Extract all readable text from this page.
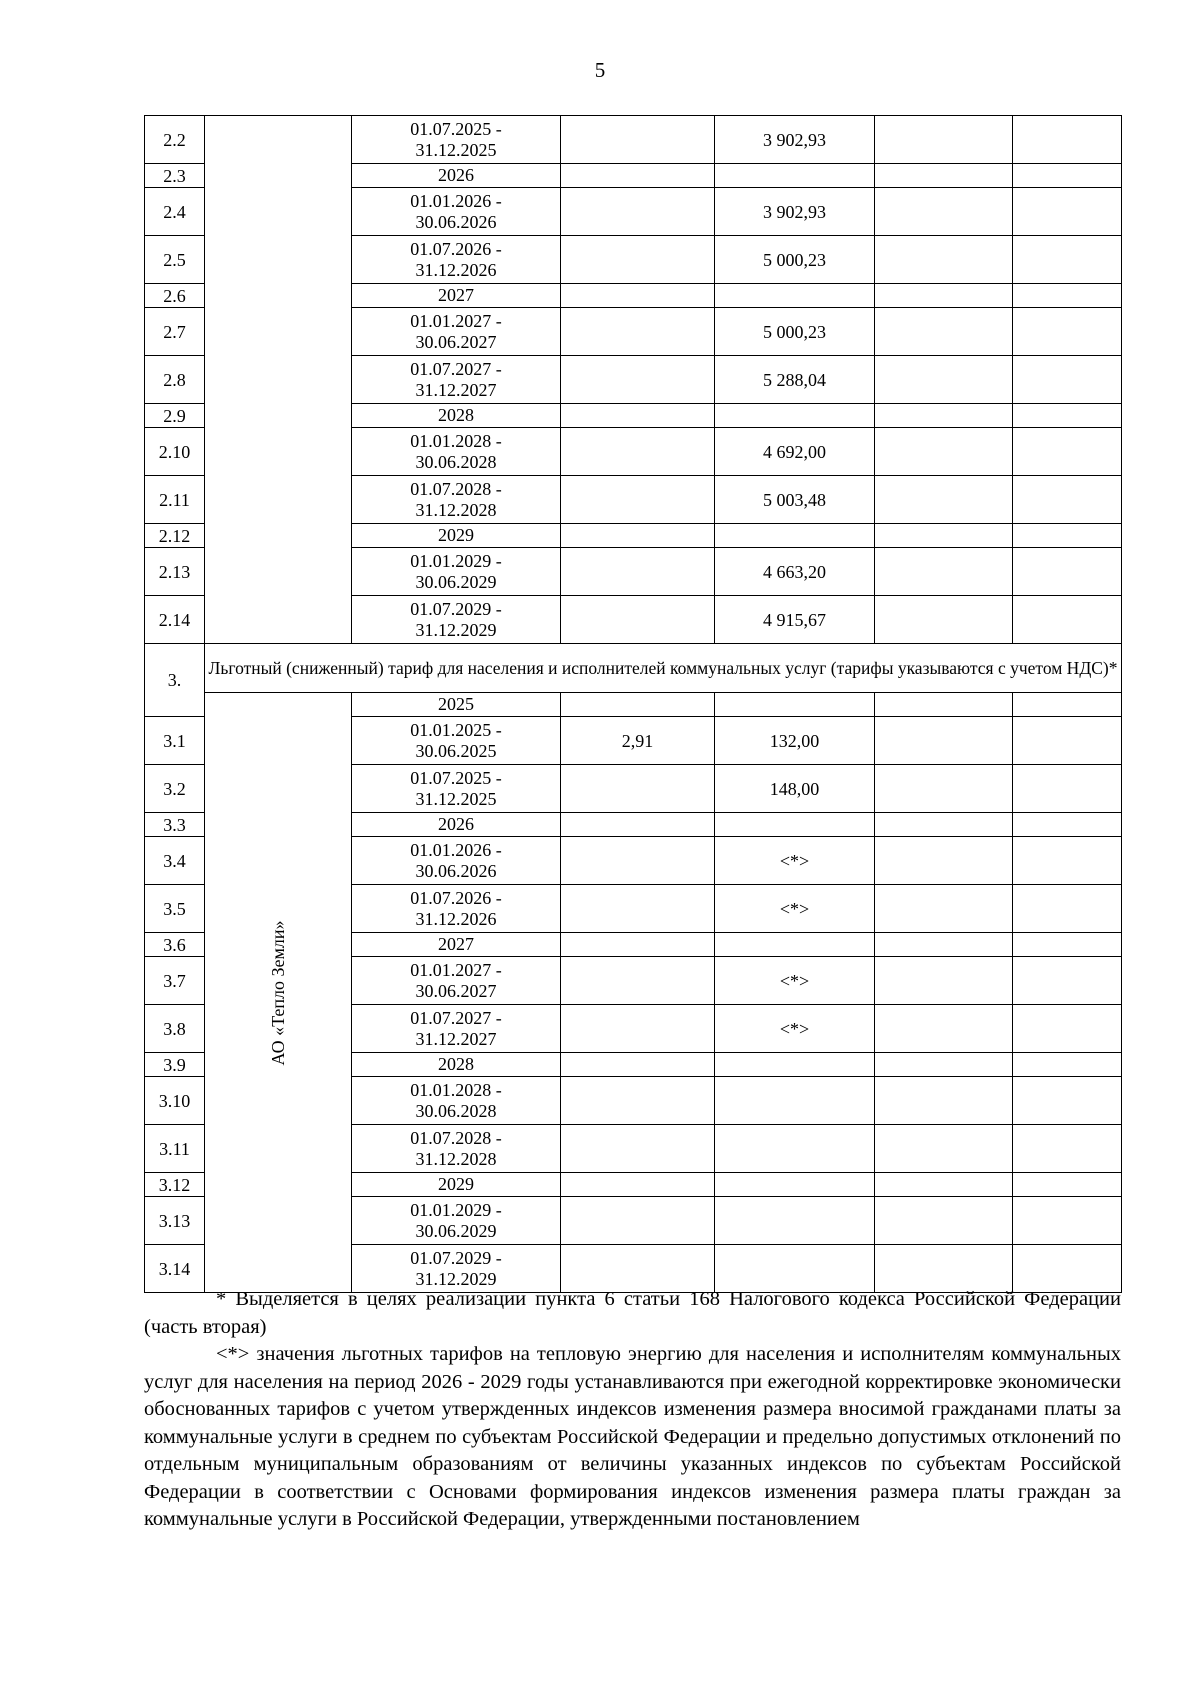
5
2.2		01.07.2025 -
31.12.2025		3 902,93		
2.3		2026				
2.4		01.01.2026 -
30.06.2026		3 902,93		
2.5		01.07.2026 -
31.12.2026		5 000,23		
2.6		2027				
2.7		01.01.2027 -
30.06.2027		5 000,23		
2.8		01.07.2027 -
31.12.2027		5 288,04		
2.9		2028				
2.10		01.01.2028 -
30.06.2028		4 692,00		
2.11		01.07.2028 -
31.12.2028		5 003,48		
2.12		2029				
2.13		01.01.2029 -
30.06.2029		4 663,20		
2.14		01.07.2029 -
31.12.2029		4 915,67		
3.	Льготный (сниженный) тариф для населения и исполнителей коммунальных услуг (тарифы указываются с учетом НДС)*					

	АО «Тепло Земли»	2025				
3.1		01.01.2025 -
30.06.2025	2,91	132,00		
3.2		01.07.2025 -
31.12.2025		148,00		
3.3		2026				
3.4		01.01.2026 -
30.06.2026		<*>		
3.5		01.07.2026 -
31.12.2026		<*>		
3.6		2027				
3.7		01.01.2027 -
30.06.2027		<*>		
3.8		01.07.2027 -
31.12.2027		<*>		
3.9		2028				
3.10		01.01.2028 -
30.06.2028				
3.11		01.07.2028 -
31.12.2028				
3.12		2029				
3.13		01.01.2029 -
30.06.2029				
3.14		01.07.2029 -
31.12.2029				

* Выделяется в целях реализации пункта 6 статьи 168 Налогового кодекса Российской Федерации (часть вторая)

<*> значения льготных тарифов на тепловую энергию для населения и исполнителям коммунальных услуг для населения на период 2026 - 2029 годы устанавливаются при ежегодной корректировке экономически обоснованных тарифов с учетом утвержденных индексов изменения размера вносимой гражданами платы за коммунальные услуги в среднем по субъектам Российской Федерации и предельно допустимых отклонений по отдельным муниципальным образованиям от величины указанных индексов по субъектам Российской Федерации в соответствии с Основами формирования индексов изменения размера платы граждан за коммунальные услуги в Российской Федерации, утвержденными постановлением
